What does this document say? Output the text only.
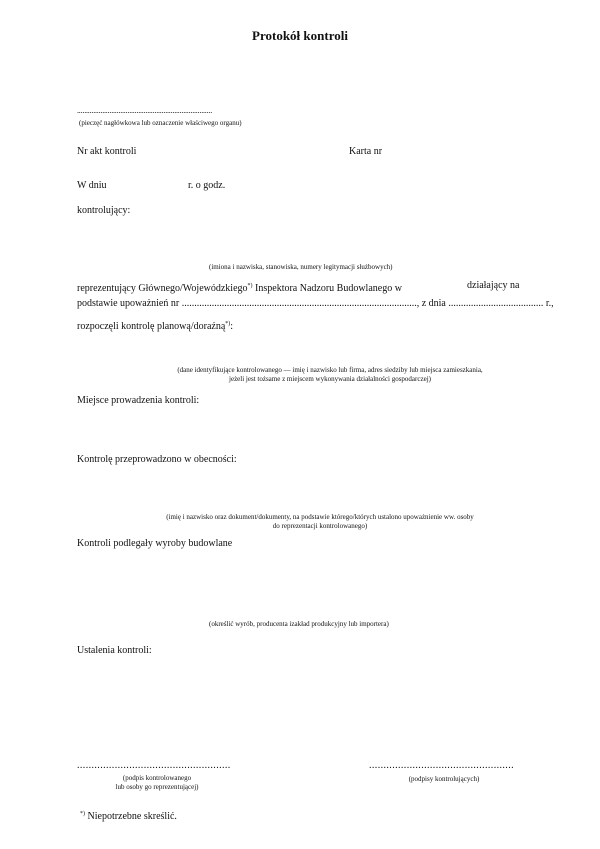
Protokół kontroli
...........................................................................
(pieczęć nagłówkowa lub oznaczenie właściwego organu)
Nr akt kontroli	Karta nr
W dniu	r. o godz.
kontrolujący:
(imiona i nazwiska, stanowiska, numery legitymacji służbowych)
reprezentujący Głównego/Wojewódzkiego*) Inspektora Nadzoru Budowlanego w	działający na
podstawie upoważnień nr .............................................................................................., z dnia ...................................... r.,
rozpoczęli kontrolę planową/doraźną*):
(dane identyfikujące kontrolowanego — imię i nazwisko lub firma, adres siedziby lub miejsca zamieszkania,
jeżeli jest tożsame z miejscem wykonywania działalności gospodarczej)
Miejsce prowadzenia kontroli:
Kontrolę przeprowadzono w obecności:
(imię i nazwisko oraz dokument/dokumenty, na podstawie którego/których ustalono upoważnienie ww. osoby
do reprezentacji kontrolowanego)
Kontroli podlegały wyroby budowlane
(określić wyrób, producenta izakład produkcyjny lub importera)
Ustalenia kontroli:
.....................................................
(podpis kontrolowanego
lub osoby go reprezentującej)
..................................................
(podpisy kontrolujących)
*) Niepotrzebne skreślić.
